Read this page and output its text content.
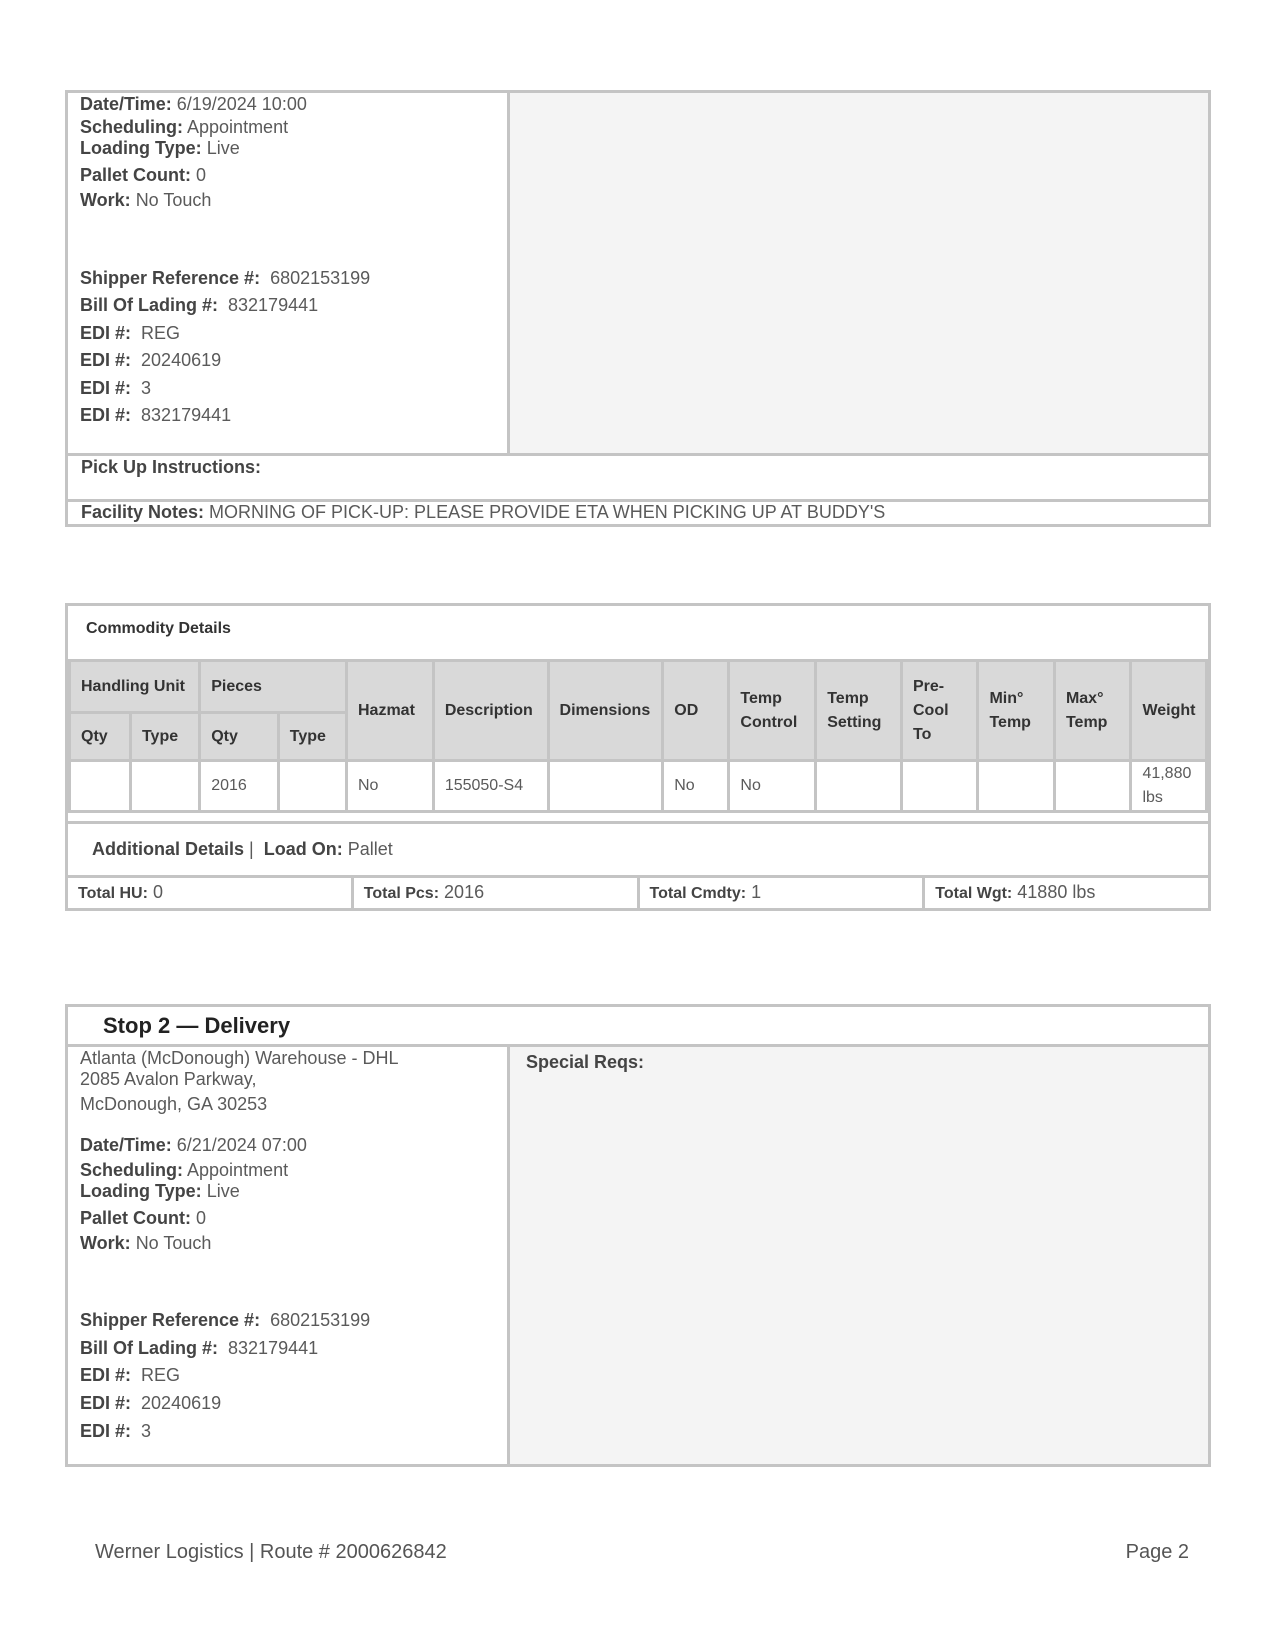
Date/Time: 6/19/2024 10:00
Scheduling: Appointment
Loading Type: Live
Pallet Count: 0
Work: No Touch
Shipper Reference #: 6802153199
Bill Of Lading #: 832179441
EDI #: REG
EDI #: 20240619
EDI #: 3
EDI #: 832179441
Pick Up Instructions:
Facility Notes: MORNING OF PICK-UP: PLEASE PROVIDE ETA WHEN PICKING UP AT BUDDY'S
Commodity Details
Handling Unit		Pieces		Hazmat	Description	Dimensions	OD	Temp Control	Temp Setting	Pre-Cool To	Min° Temp	Max° Temp	Weight
Qty	Type	Qty	Type										
		2016		No	155050-S4		No	No					41,880 lbs
Additional Details | Load On: Pallet
Total HU: 0	Total Pcs: 2016	Total Cmdty: 1	Total Wgt: 41880 lbs
Stop 2 — Delivery
Atlanta (McDonough) Warehouse - DHL
2085 Avalon Parkway,
McDonough, GA 30253
Date/Time: 6/21/2024 07:00
Scheduling: Appointment
Loading Type: Live
Pallet Count: 0
Work: No Touch
Shipper Reference #: 6802153199
Bill Of Lading #: 832179441
EDI #: REG
EDI #: 20240619
EDI #: 3
Special Reqs:
Werner Logistics | Route # 2000626842	Page 2
